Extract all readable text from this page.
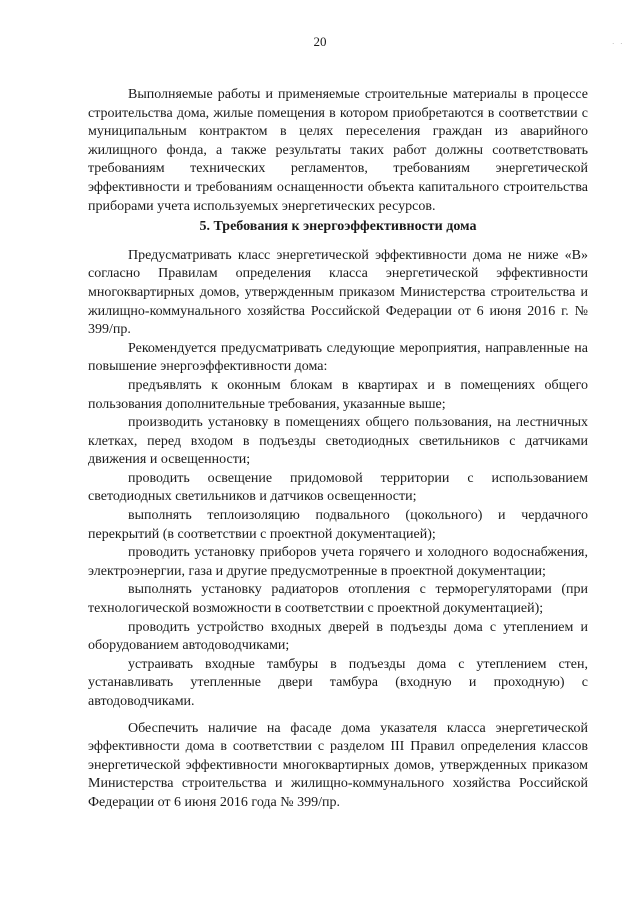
20	· ·

Выполняемые работы и применяемые строительные материалы в процессе строительства дома, жилые помещения в котором приобретаются в соответствии с муниципальным контрактом в целях переселения граждан из аварийного жилищного фонда, а также результаты таких работ должны соответствовать требованиям технических регламентов, требованиям энергетической эффективности и требованиям оснащенности объекта капитального строительства приборами учета используемых энергетических ресурсов.

5. Требования к энергоэффективности дома

Предусматривать класс энергетической эффективности дома не ниже «В» согласно Правилам определения класса энергетической эффективности многоквартирных домов, утвержденным приказом Министерства строительства и жилищно-коммунального хозяйства Российской Федерации от 6 июня 2016 г. № 399/пр.

Рекомендуется предусматривать следующие мероприятия, направленные на повышение энергоэффективности дома:

предъявлять к оконным блокам в квартирах и в помещениях общего пользования дополнительные требования, указанные выше;

производить установку в помещениях общего пользования, на лестничных клетках, перед входом в подъезды светодиодных светильников с датчиками движения и освещенности;

проводить освещение придомовой территории с использованием светодиодных светильников и датчиков освещенности;

выполнять теплоизоляцию подвального (цокольного) и чердачного перекрытий (в соответствии с проектной документацией);

проводить установку приборов учета горячего и холодного водоснабжения, электроэнергии, газа и другие предусмотренные в проектной документации;

выполнять установку радиаторов отопления с терморегуляторами (при технологической возможности в соответствии с проектной документацией);

проводить устройство входных дверей в подъезды дома с утеплением и оборудованием автодоводчиками;

устраивать входные тамбуры в подъезды дома с утеплением стен, устанавливать утепленные двери тамбура (входную и проходную) с автодоводчиками.

Обеспечить наличие на фасаде дома указателя класса энергетической эффективности дома в соответствии с разделом III Правил определения классов энергетической эффективности многоквартирных домов, утвержденных приказом Министерства строительства и жилищно-коммунального хозяйства Российской Федерации от 6 июня 2016 года № 399/пр.
